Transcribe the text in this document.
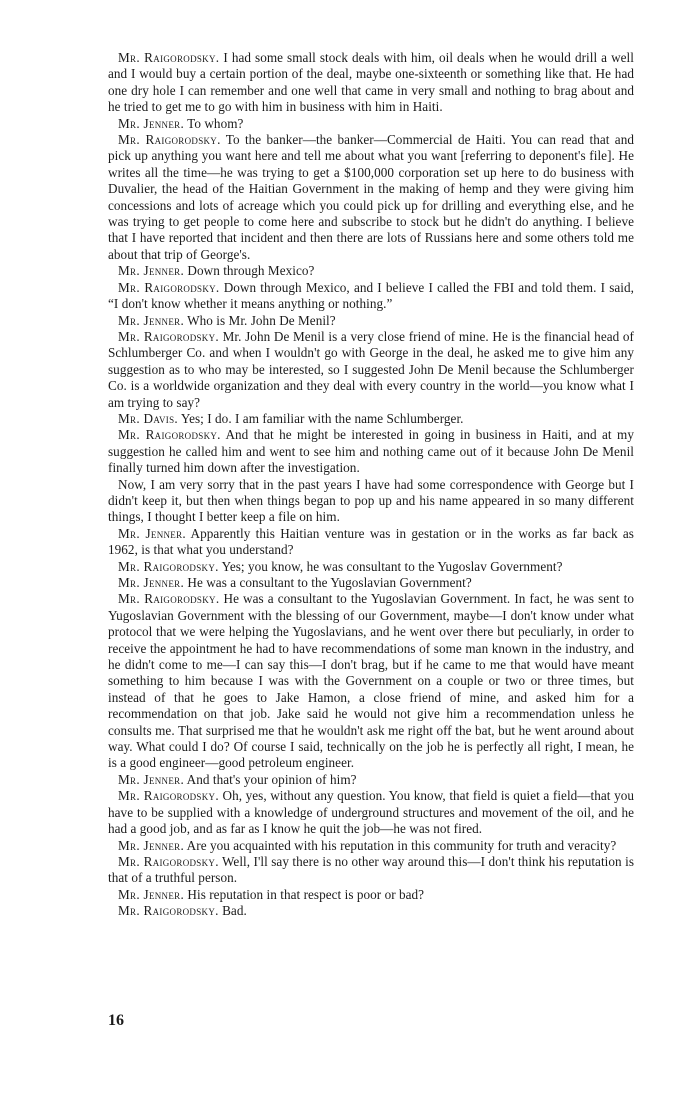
Mr. Raigorodsky. I had some small stock deals with him, oil deals when he would drill a well and I would buy a certain portion of the deal, maybe one-sixteenth or something like that. He had one dry hole I can remember and one well that came in very small and nothing to brag about and he tried to get me to go with him in business with him in Haiti.

Mr. Jenner. To whom?

Mr. Raigorodsky. To the banker—the banker—Commercial de Haiti. You can read that and pick up anything you want here and tell me about what you want [referring to deponent's file]. He writes all the time—he was trying to get a $100,000 corporation set up here to do business with Duvalier, the head of the Haitian Government in the making of hemp and they were giving him concessions and lots of acreage which you could pick up for drilling and everything else, and he was trying to get people to come here and subscribe to stock but he didn't do anything. I believe that I have reported that incident and then there are lots of Russians here and some others told me about that trip of George's.

Mr. Jenner. Down through Mexico?

Mr. Raigorodsky. Down through Mexico, and I believe I called the FBI and told them. I said, “I don't know whether it means anything or nothing.”

Mr. Jenner. Who is Mr. John De Menil?

Mr. Raigorodsky. Mr. John De Menil is a very close friend of mine. He is the financial head of Schlumberger Co. and when I wouldn't go with George in the deal, he asked me to give him any suggestion as to who may be interested, so I suggested John De Menil because the Schlumberger Co. is a worldwide organization and they deal with every country in the world—you know what I am trying to say?

Mr. Davis. Yes; I do. I am familiar with the name Schlumberger.

Mr. Raigorodsky. And that he might be interested in going in business in Haiti, and at my suggestion he called him and went to see him and nothing came out of it because John De Menil finally turned him down after the investigation.

Now, I am very sorry that in the past years I have had some correspondence with George but I didn't keep it, but then when things began to pop up and his name appeared in so many different things, I thought I better keep a file on him.

Mr. Jenner. Apparently this Haitian venture was in gestation or in the works as far back as 1962, is that what you understand?

Mr. Raigorodsky. Yes; you know, he was consultant to the Yugoslav Government?

Mr. Jenner. He was a consultant to the Yugoslavian Government?

Mr. Raigorodsky. He was a consultant to the Yugoslavian Government. In fact, he was sent to Yugoslavian Government with the blessing of our Government, maybe—I don't know under what protocol that we were helping the Yugoslavians, and he went over there but peculiarly, in order to receive the appointment he had to have recommendations of some man known in the industry, and he didn't come to me—I can say this—I don't brag, but if he came to me that would have meant something to him because I was with the Government on a couple or two or three times, but instead of that he goes to Jake Hamon, a close friend of mine, and asked him for a recommendation on that job. Jake said he would not give him a recommendation unless he consults me. That surprised me that he wouldn't ask me right off the bat, but he went around about way. What could I do? Of course I said, technically on the job he is perfectly all right, I mean, he is a good engineer—good petroleum engineer.

Mr. Jenner. And that's your opinion of him?

Mr. Raigorodsky. Oh, yes, without any question. You know, that field is quiet a field—that you have to be supplied with a knowledge of underground structures and movement of the oil, and he had a good job, and as far as I know he quit the job—he was not fired.

Mr. Jenner. Are you acquainted with his reputation in this community for truth and veracity?

Mr. Raigorodsky. Well, I'll say there is no other way around this—I don't think his reputation is that of a truthful person.

Mr. Jenner. His reputation in that respect is poor or bad?

Mr. Raigorodsky. Bad.

16
